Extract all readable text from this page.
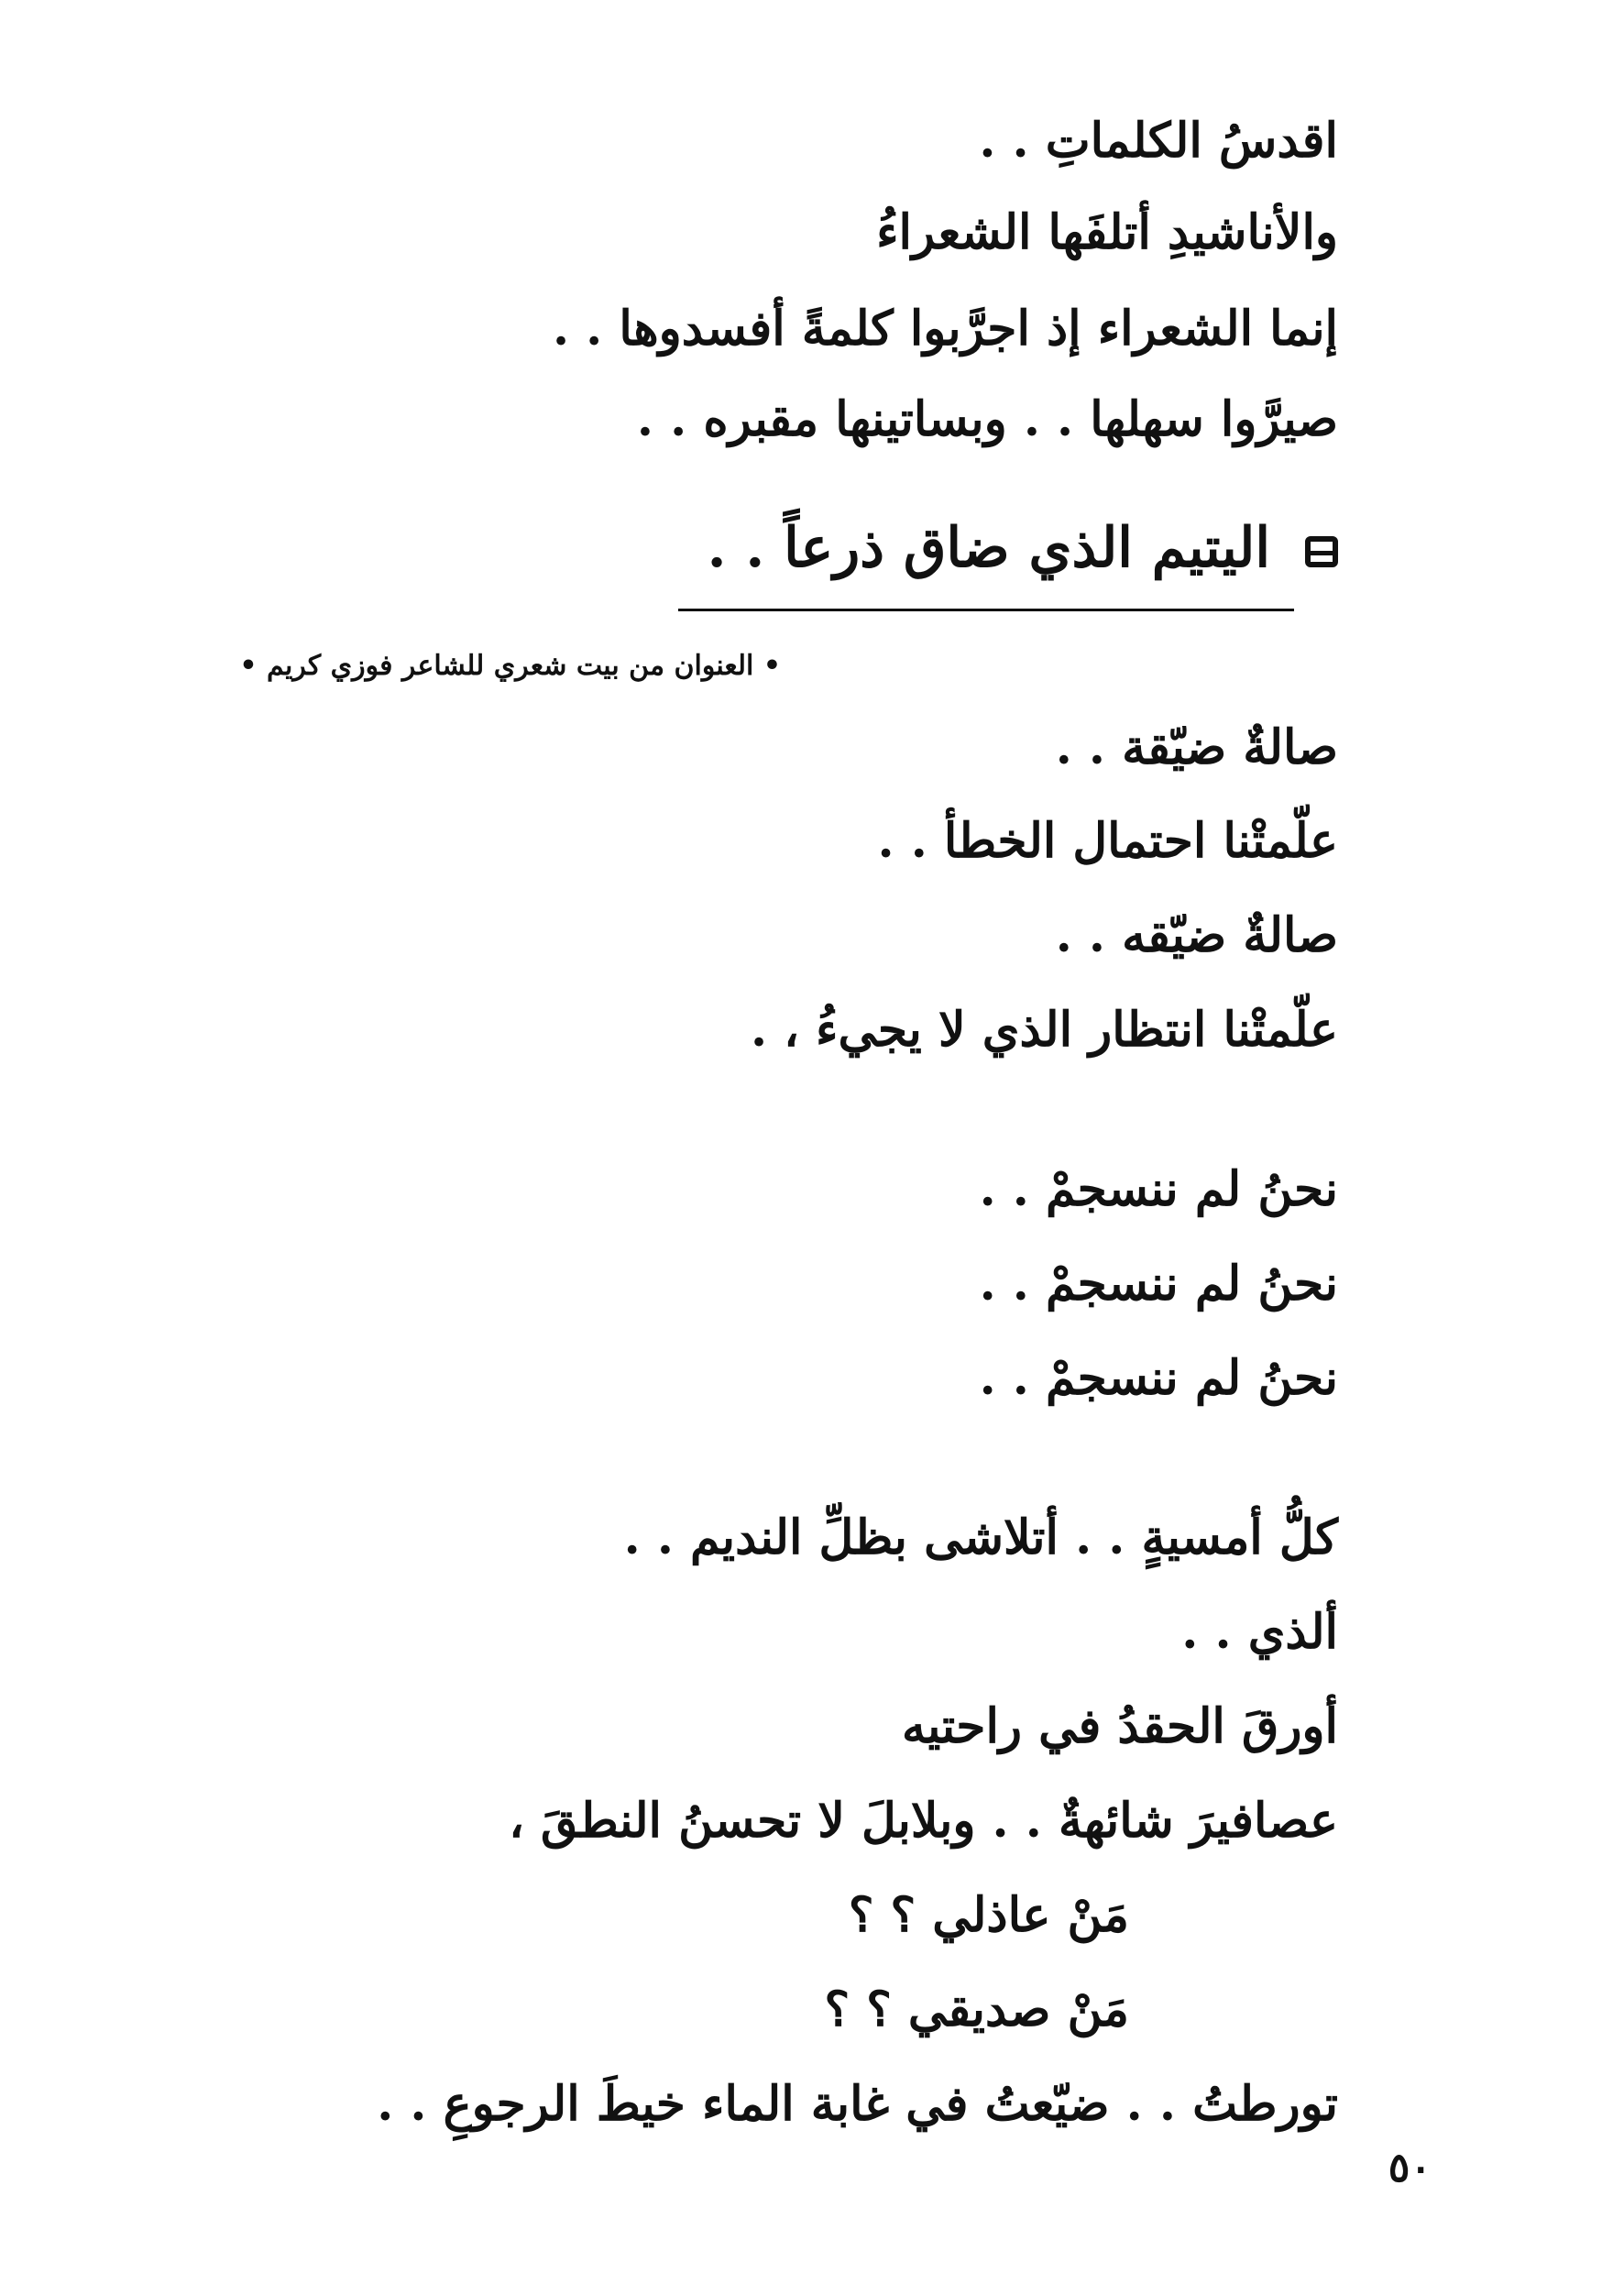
اقدسُ الكلماتِ . .
والأناشيدِ أتلفَها الشعراءُ
إنما الشعراء إذ اجرَّبوا كلمةً أفسدوها . .
صيرَّوا سهلها . . وبساتينها مقبره . .
اليتيم الذي ضاق ذرعاً . .
• العنوان من بيت شعري للشاعر فوزي كريم •
صالةٌ ضيّقة . .
علّمتْنا احتمال الخطأ . .
صالةٌ ضيّقه . .
علّمتْنا انتظار الذي لا يجيءُ ، .
نحنُ لم ننسجمْ . .
نحنُ لم ننسجمْ . .
نحنُ لم ننسجمْ . .
كلُّ أمسيةٍ . . أتلاشى بظلِّ النديم . .
ألذي . .
أورقَ الحقدُ في راحتيه
عصافيرَ شائهةٌ . . وبلابلَ لا تحسنُ النطقَ ،
مَنْ عاذلي ؟ ؟
مَنْ صديقي ؟ ؟
تورطتُ . . ضيّعتُ في غابة الماء خيطَ الرجوعِ . .
٥٠
